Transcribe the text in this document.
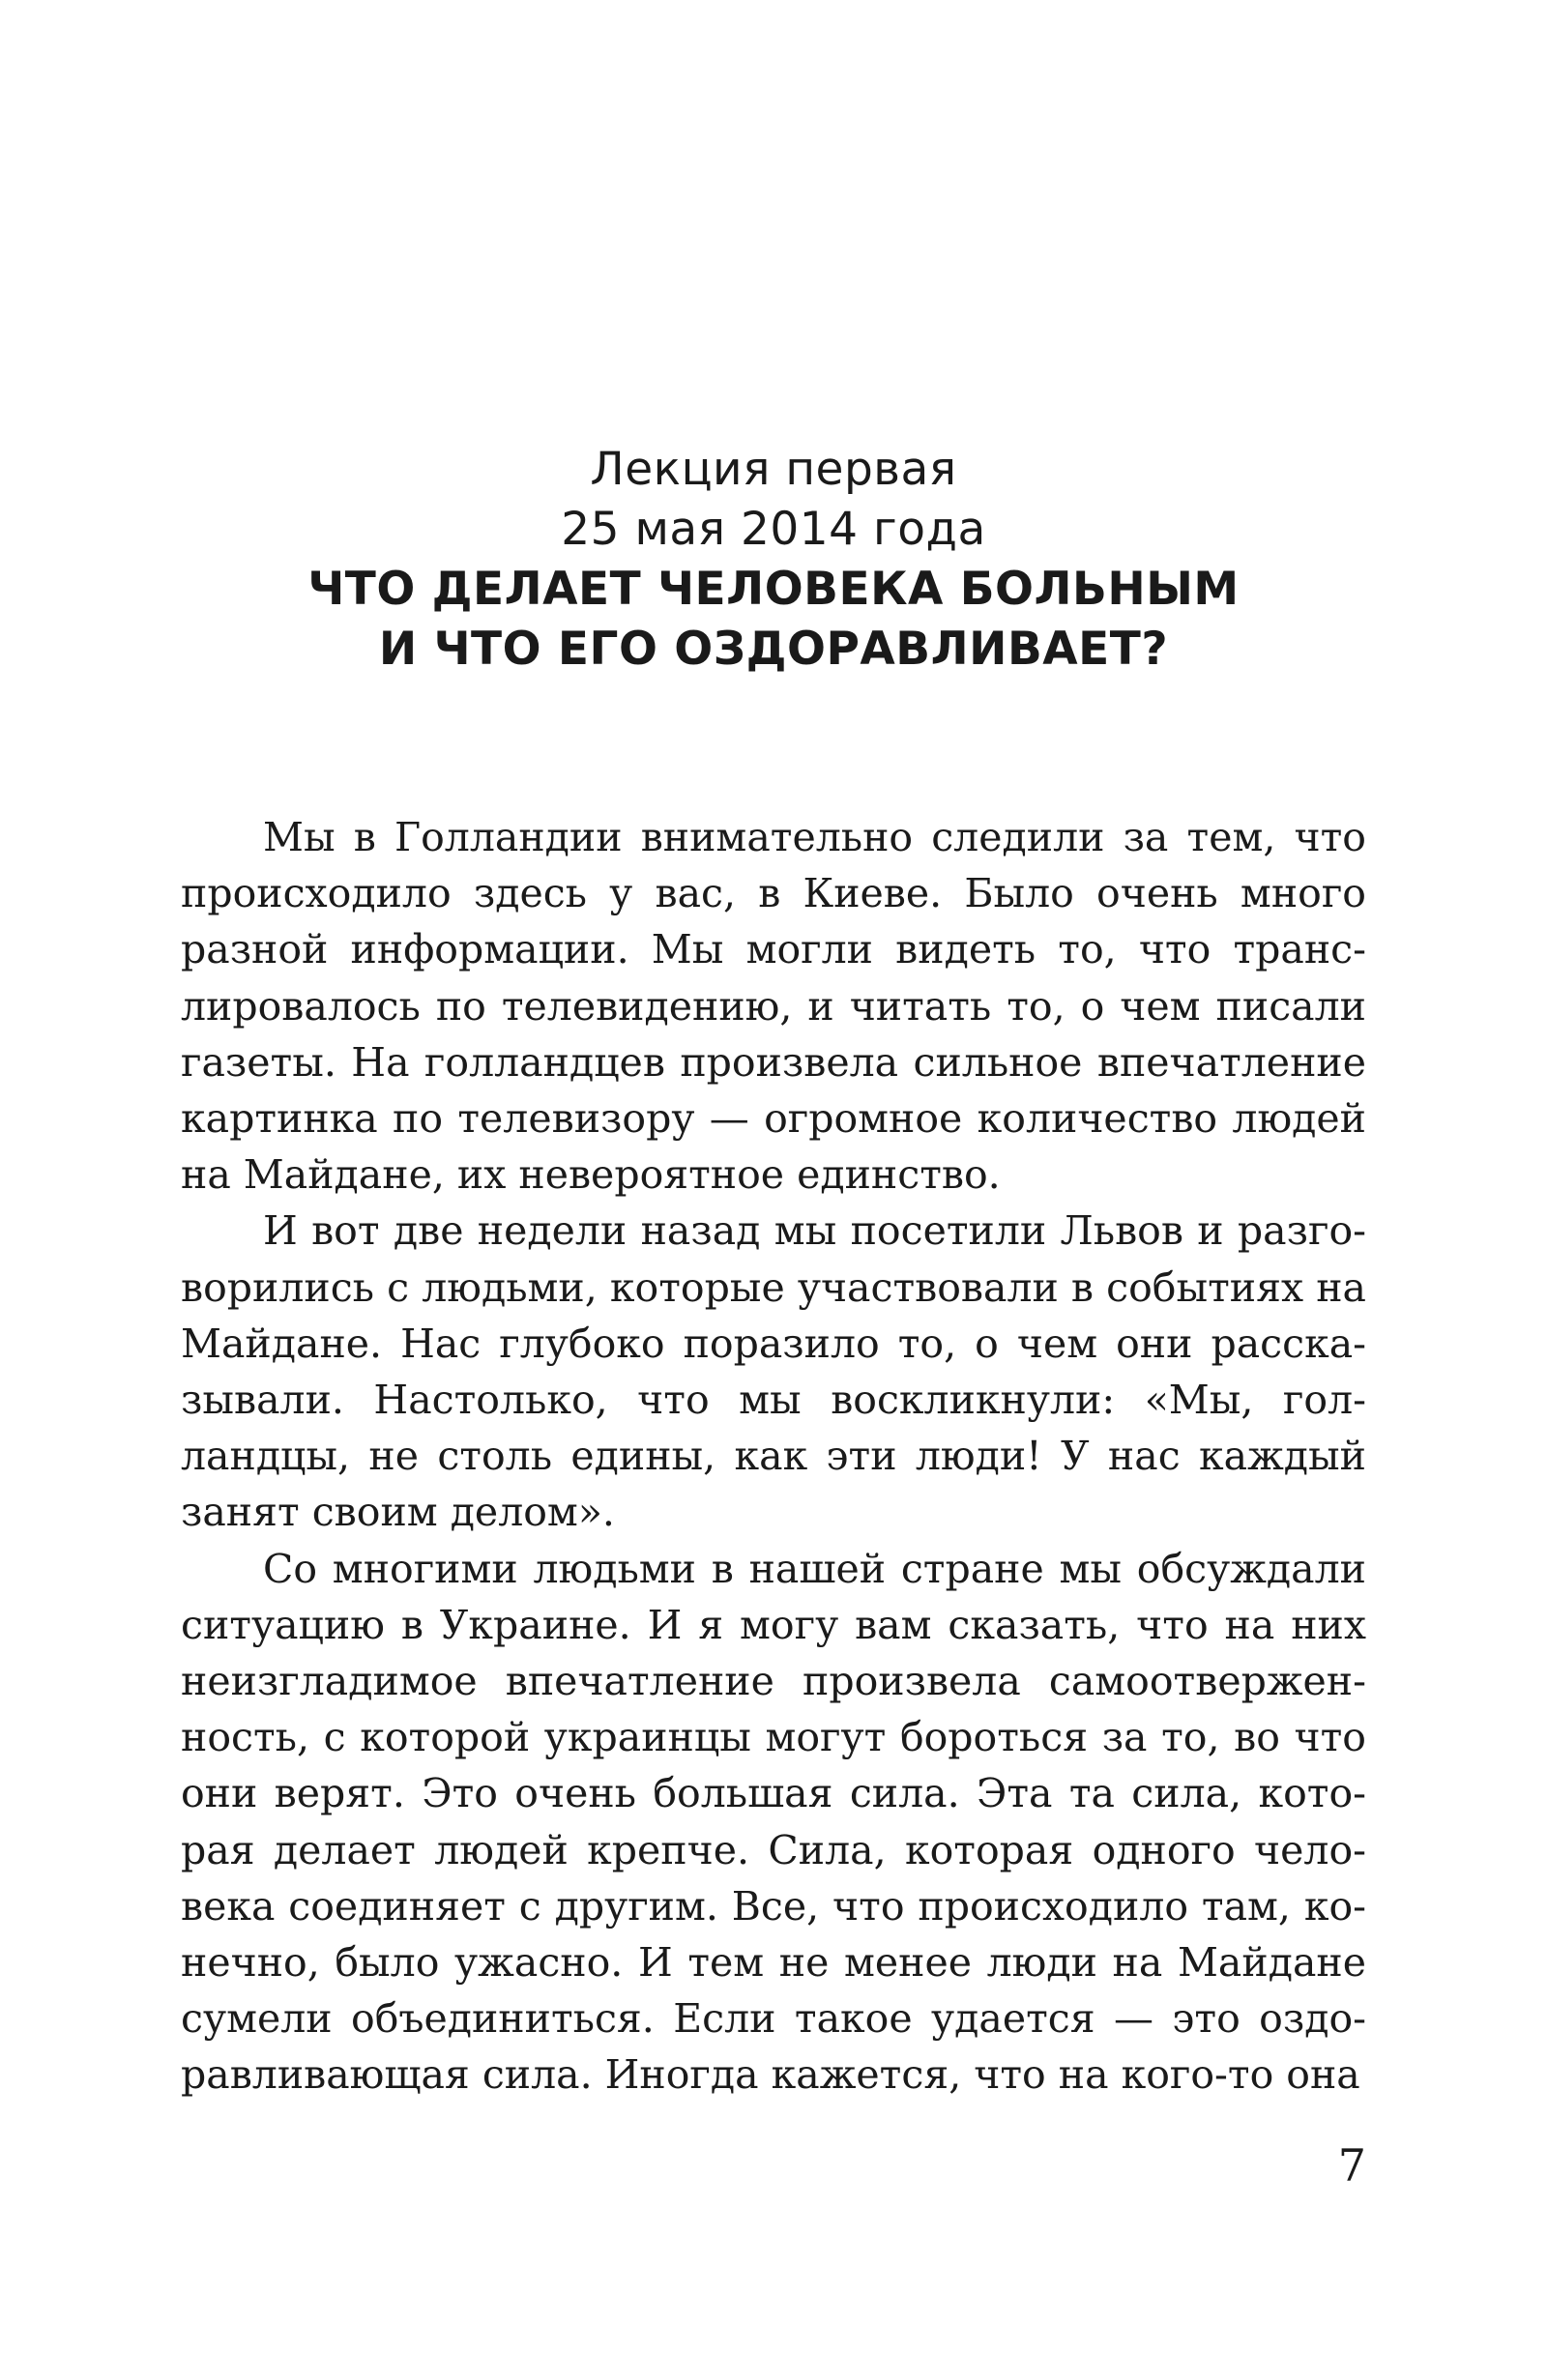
Лекция первая
25 мая 2014 года
ЧТО ДЕЛАЕТ ЧЕЛОВЕКА БОЛЬНЫМ
И ЧТО ЕГО ОЗДОРАВЛИВАЕТ?

Мы в Голландии внимательно следили за тем, что происходило здесь у вас, в Киеве. Было очень много разной информации. Мы могли видеть то, что транслировалось по телевидению, и читать то, о чем писали газеты. На голландцев произвела сильное впечатление картинка по телевизору — огромное количество людей на Майдане, их невероятное единство.

И вот две недели назад мы посетили Львов и разговорились с людьми, которые участвовали в событиях на Майдане. Нас глубоко поразило то, о чем они рассказывали. Настолько, что мы воскликнули: «Мы, голландцы, не столь едины, как эти люди! У нас каждый занят своим делом».

Со многими людьми в нашей стране мы обсуждали ситуацию в Украине. И я могу вам сказать, что на них неизгладимое впечатление произвела самоотверженность, с которой украинцы могут бороться за то, во что они верят. Это очень большая сила. Эта та сила, которая делает людей крепче. Сила, которая одного человека соединяет с другим. Все, что происходило там, конечно, было ужасно. И тем не менее люди на Майдане сумели объединиться. Если такое удается — это оздоравливающая сила. Иногда кажется, что на кого-то она

7
